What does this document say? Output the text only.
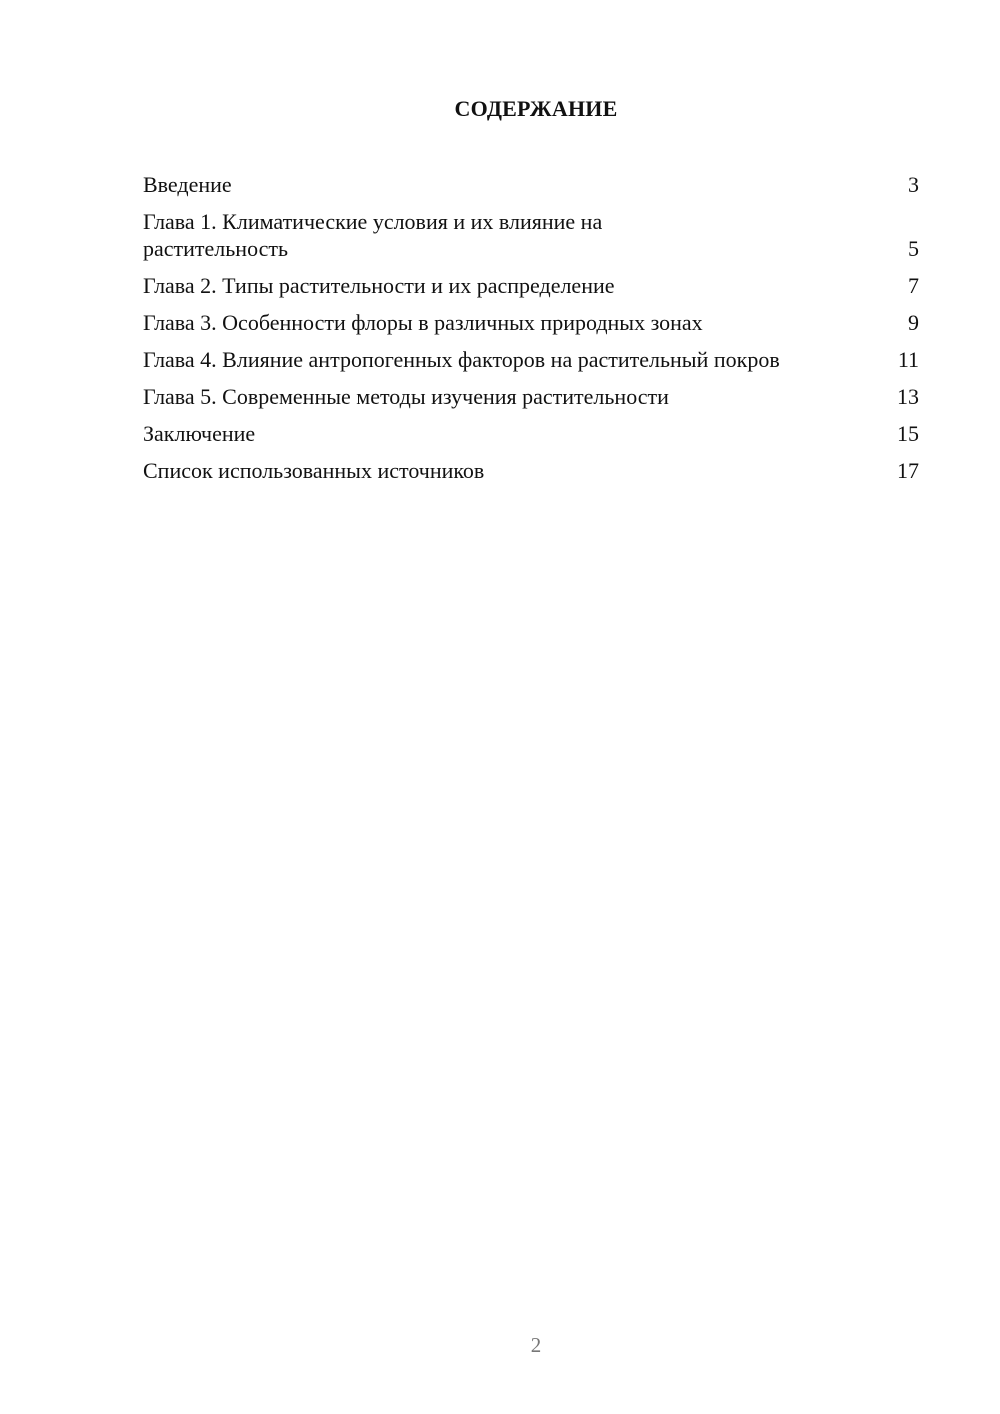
СОДЕРЖАНИЕ
Введение	3
Глава 1. Климатические условия и их влияние на растительность	5
Глава 2. Типы растительности и их распределение	7
Глава 3. Особенности флоры в различных природных зонах	9
Глава 4. Влияние антропогенных факторов на растительный покров	11
Глава 5. Современные методы изучения растительности	13
Заключение	15
Список использованных источников	17
2
